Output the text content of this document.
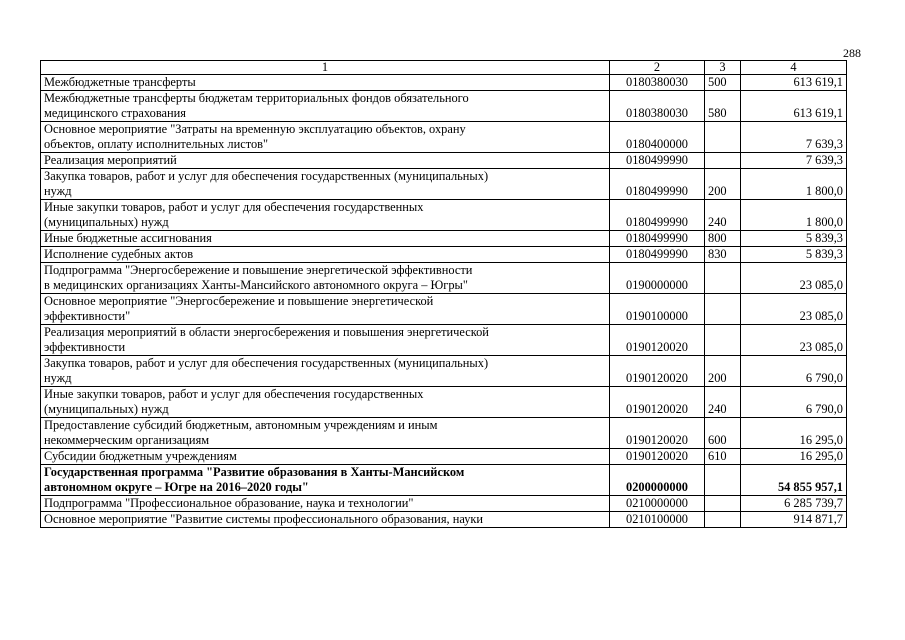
288
1	2	3	4
Межбюджетные трансферты	0180380030	500	613 619,1
Межбюджетные трансферты бюджетам территориальных фондов обязательного
медицинского страхования	0180380030	580	613 619,1
Основное мероприятие "Затраты на временную эксплуатацию объектов, охрану
объектов, оплату исполнительных листов"	0180400000		7 639,3
Реализация мероприятий	0180499990		7 639,3
Закупка товаров, работ и услуг для обеспечения государственных (муниципальных)
нужд	0180499990	200	1 800,0
Иные закупки товаров, работ и услуг для обеспечения государственных
(муниципальных) нужд	0180499990	240	1 800,0
Иные бюджетные ассигнования	0180499990	800	5 839,3
Исполнение судебных актов	0180499990	830	5 839,3
Подпрограмма "Энергосбережение и повышение энергетической эффективности
в медицинских организациях Ханты-Мансийского автономного округа – Югры"	0190000000		23 085,0
Основное мероприятие "Энергосбережение и повышение энергетической
эффективности"	0190100000		23 085,0
Реализация мероприятий в области энергосбережения и повышения энергетической
эффективности	0190120020		23 085,0
Закупка товаров, работ и услуг для обеспечения государственных (муниципальных)
нужд	0190120020	200	6 790,0
Иные закупки товаров, работ и услуг для обеспечения государственных
(муниципальных) нужд	0190120020	240	6 790,0
Предоставление субсидий бюджетным, автономным учреждениям и иным
некоммерческим организациям	0190120020	600	16 295,0
Субсидии бюджетным учреждениям	0190120020	610	16 295,0
Государственная программа "Развитие образования в Ханты-Мансийском
автономном округе – Югре на 2016–2020 годы"	0200000000		54 855 957,1
Подпрограмма "Профессиональное образование, наука и технологии"	0210000000		6 285 739,7
Основное мероприятие "Развитие системы профессионального образования, науки	0210100000		914 871,7
